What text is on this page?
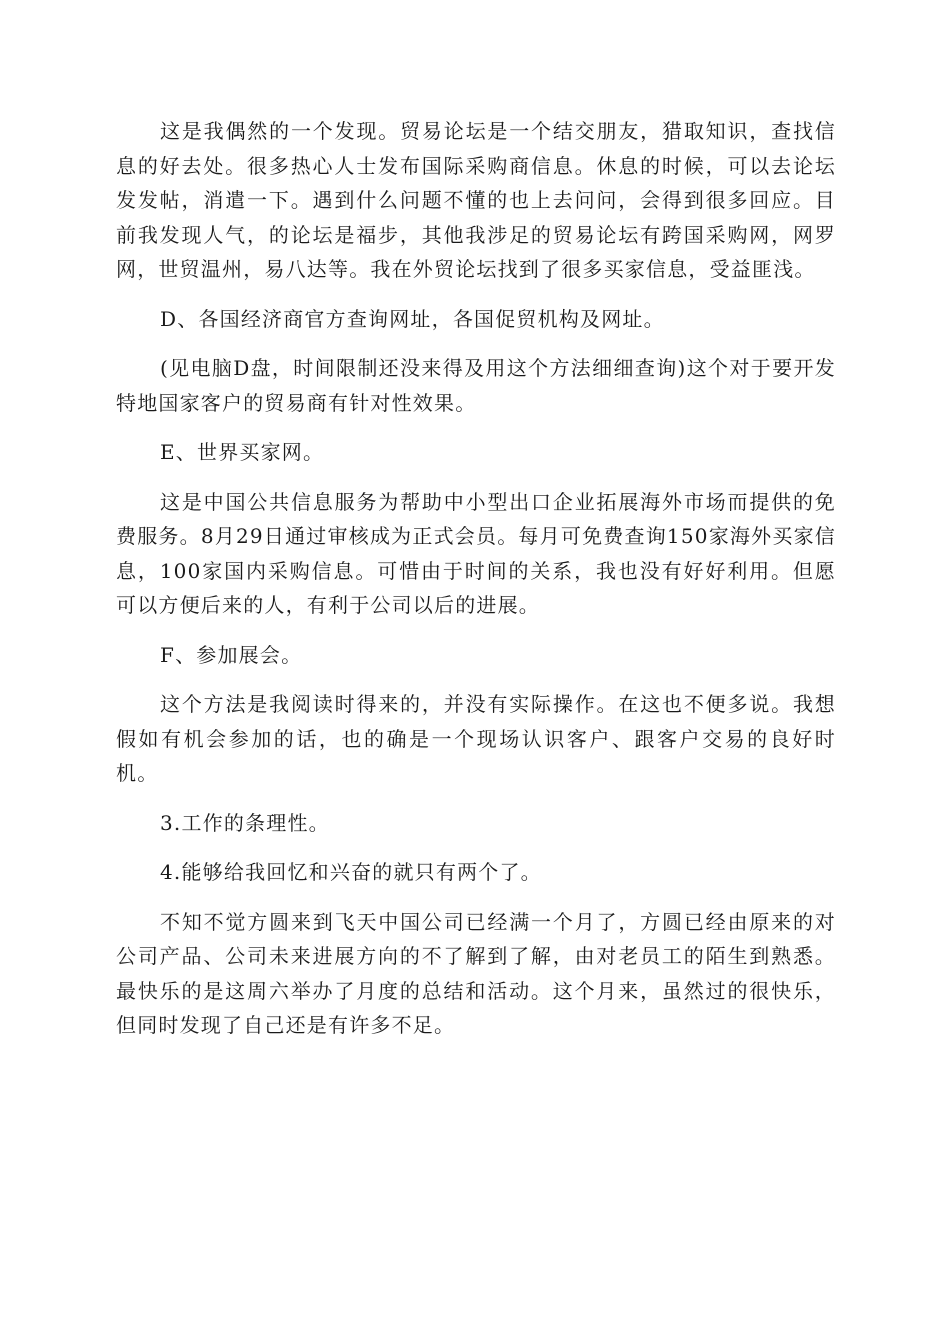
这是我偶然的一个发现。贸易论坛是一个结交朋友，猎取知识，查找信息的好去处。很多热心人士发布国际采购商信息。休息的时候，可以去论坛发发帖，消遣一下。遇到什么问题不懂的也上去问问，会得到很多回应。目前我发现人气，的论坛是福步，其他我涉足的贸易论坛有跨国采购网，网罗网，世贸温州，易八达等。我在外贸论坛找到了很多买家信息，受益匪浅。

D、各国经济商官方查询网址，各国促贸机构及网址。

(见电脑D盘，时间限制还没来得及用这个方法细细查询)这个对于要开发特地国家客户的贸易商有针对性效果。

E、世界买家网。

这是中国公共信息服务为帮助中小型出口企业拓展海外市场而提供的免费服务。8月29日通过审核成为正式会员。每月可免费查询150家海外买家信息，100家国内采购信息。可惜由于时间的关系，我也没有好好利用。但愿可以方便后来的人，有利于公司以后的进展。

F、参加展会。

这个方法是我阅读时得来的，并没有实际操作。在这也不便多说。我想假如有机会参加的话，也的确是一个现场认识客户、跟客户交易的良好时机。

3.工作的条理性。

4.能够给我回忆和兴奋的就只有两个了。

不知不觉方圆来到飞天中国公司已经满一个月了，方圆已经由原来的对公司产品、公司未来进展方向的不了解到了解，由对老员工的陌生到熟悉。最快乐的是这周六举办了月度的总结和活动。这个月来，虽然过的很快乐，但同时发现了自己还是有许多不足。
